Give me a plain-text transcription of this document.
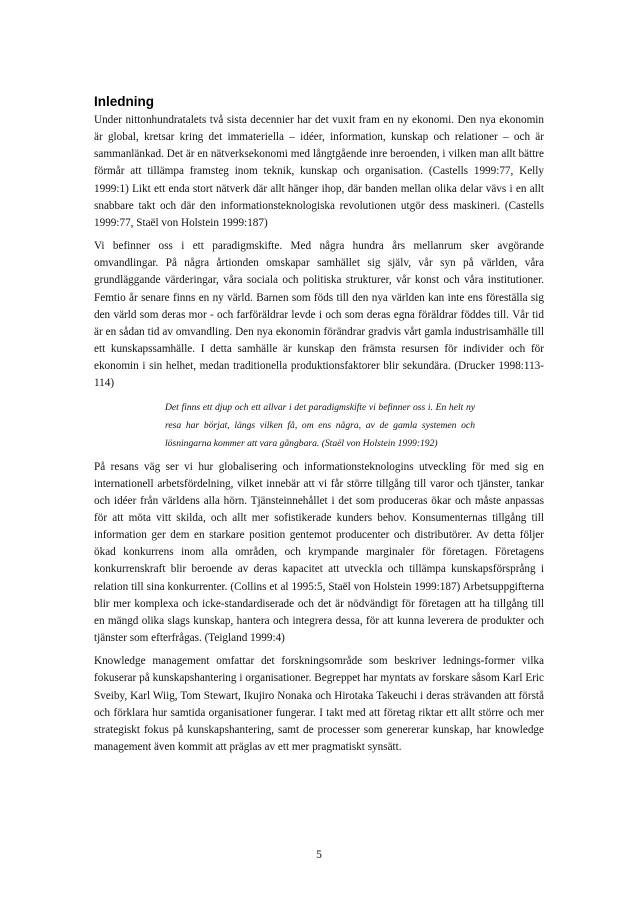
Inledning

Under nittonhundratalets två sista decennier har det vuxit fram en ny ekonomi. Den nya ekonomin är global, kretsar kring det immateriella – idéer, information, kunskap och relationer – och är sammanlänkad. Det är en nätverksekonomi med långtgående inre beroenden, i vilken man allt bättre förmår att tillämpa framsteg inom teknik, kunskap och organisation. (Castells 1999:77, Kelly 1999:1) Likt ett enda stort nätverk där allt hänger ihop, där banden mellan olika delar vävs i en allt snabbare takt och där den informationsteknologiska revolutionen utgör dess maskineri. (Castells 1999:77, Staël von Holstein 1999:187)

Vi befinner oss i ett paradigmskifte. Med några hundra års mellanrum sker avgörande omvandlingar. På några årtionden omskapar samhället sig själv, vår syn på världen, våra grundläggande värderingar, våra sociala och politiska strukturer, vår konst och våra institutioner. Femtio år senare finns en ny värld. Barnen som föds till den nya världen kan inte ens föreställa sig den värld som deras mor - och farföräldrar levde i och som deras egna föräldrar föddes till. Vår tid är en sådan tid av omvandling. Den nya ekonomin förändrar gradvis vårt gamla industrisamhälle till ett kunskapssamhälle. I detta samhälle är kunskap den främsta resursen för individer och för ekonomin i sin helhet, medan traditionella produktionsfaktorer blir sekundära. (Drucker 1998:113-114)

Det finns ett djup och ett allvar i det paradigmskifte vi befinner oss i. En helt ny resa har börjat, längs vilken få, om ens några, av de gamla systemen och lösningarna kommer att vara gångbara. (Staël von Holstein 1999:192)

På resans väg ser vi hur globalisering och informationsteknologins utveckling för med sig en internationell arbetsfördelning, vilket innebär att vi får större tillgång till varor och tjänster, tankar och idéer från världens alla hörn. Tjänsteinnehållet i det som produceras ökar och måste anpassas för att möta vitt skilda, och allt mer sofistikerade kunders behov. Konsumenternas tillgång till information ger dem en starkare position gentemot producenter och distributörer. Av detta följer ökad konkurrens inom alla områden, och krympande marginaler för företagen. Företagens konkurrenskraft blir beroende av deras kapacitet att utveckla och tillämpa kunskapsförsprång i relation till sina konkurrenter. (Collins et al 1995:5, Staël von Holstein 1999:187) Arbetsuppgifterna blir mer komplexa och icke-standardiserade och det är nödvändigt för företagen att ha tillgång till en mängd olika slags kunskap, hantera och integrera dessa, för att kunna leverera de produkter och tjänster som efterfrågas. (Teigland 1999:4)

Knowledge management omfattar det forskningsområde som beskriver lednings-former vilka fokuserar på kunskapshantering i organisationer. Begreppet har myntats av forskare såsom Karl Eric Sveiby, Karl Wiig, Tom Stewart, Ikujiro Nonaka och Hirotaka Takeuchi i deras strävanden att förstå och förklara hur samtida organisationer fungerar. I takt med att företag riktar ett allt större och mer strategiskt fokus på kunskapshantering, samt de processer som genererar kunskap, har knowledge management även kommit att präglas av ett mer pragmatiskt synsätt.

5
